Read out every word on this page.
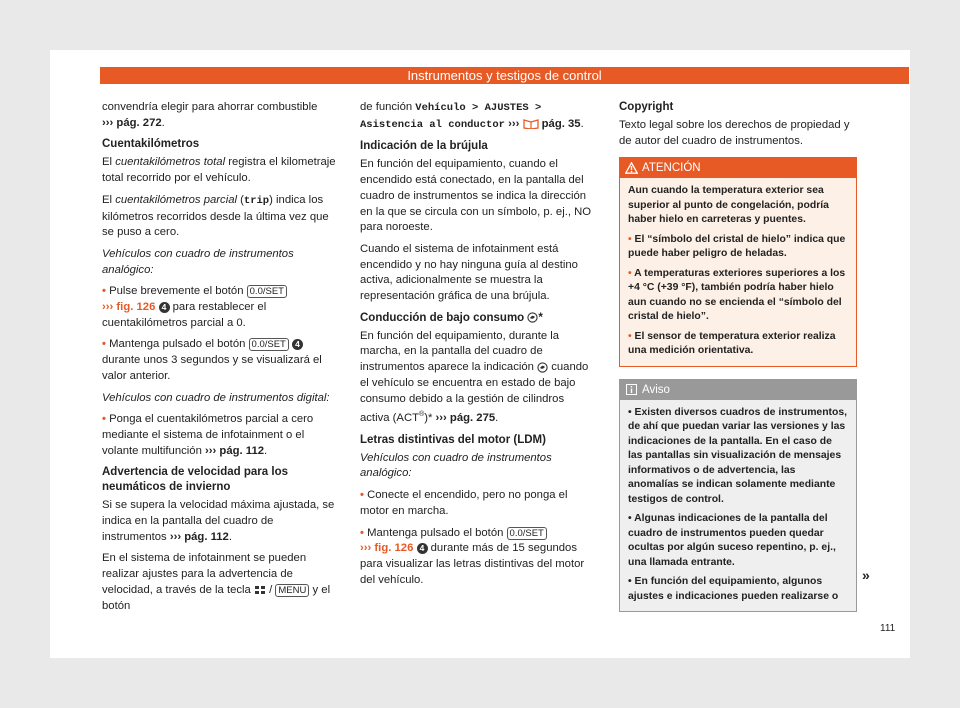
Instrumentos y testigos de control

convendría elegir para ahorrar combustible
››› pág. 272.

Cuentakilómetros

El cuentakilómetros total registra el kilometraje total recorrido por el vehículo.

El cuentakilómetros parcial (trip) indica los kilómetros recorridos desde la última vez que se puso a cero.

Vehículos con cuadro de instrumentos analógico:

• Pulse brevemente el botón 0.0/SET
››› fig. 126 4 para restablecer el cuentakilómetros parcial a 0.

• Mantenga pulsado el botón 0.0/SET 4 durante unos 3 segundos y se visualizará el valor anterior.

Vehículos con cuadro de instrumentos digital:

• Ponga el cuentakilómetros parcial a cero mediante el sistema de infotainment o el volante multifunción ››› pág. 112.

Advertencia de velocidad para los neumáticos de invierno

Si se supera la velocidad máxima ajustada, se indica en la pantalla del cuadro de instrumentos ››› pág. 112.

En el sistema de infotainment se pueden realizar ajustes para la advertencia de velocidad, a través de la tecla  / MENU y el botón

de función Vehículo > AJUSTES > Asistencia al conductor ›››  pág. 35.

Indicación de la brújula

En función del equipamiento, cuando el encendido está conectado, en la pantalla del cuadro de instrumentos se indica la dirección en la que se circula con un símbolo, p. ej., NO para noroeste.

Cuando el sistema de infotainment está encendido y no hay ninguna guía al destino activa, adicionalmente se muestra la representación gráfica de una brújula.

Conducción de bajo consumo *

En función del equipamiento, durante la marcha, en la pantalla del cuadro de instrumentos aparece la indicación  cuando el vehículo se encuentra en estado de bajo consumo debido a la gestión de cilindros activa (ACT®)* ››› pág. 275.

Letras distintivas del motor (LDM)

Vehículos con cuadro de instrumentos analógico:

• Conecte el encendido, pero no ponga el motor en marcha.

• Mantenga pulsado el botón 0.0/SET
››› fig. 126 4 durante más de 15 segundos para visualizar las letras distintivas del motor del vehículo.

Copyright

Texto legal sobre los derechos de propiedad y de autor del cuadro de instrumentos.

ATENCIÓN

Aun cuando la temperatura exterior sea superior al punto de congelación, podría haber hielo en carreteras y puentes.

• El “símbolo del cristal de hielo” indica que puede haber peligro de heladas.

• A temperaturas exteriores superiores a los +4 °C (+39 °F), también podría haber hielo aun cuando no se encienda el “símbolo del cristal de hielo”.

• El sensor de temperatura exterior realiza una medición orientativa.

Aviso

• Existen diversos cuadros de instrumentos, de ahí que puedan variar las versiones y las indicaciones de la pantalla. En el caso de las pantallas sin visualización de mensajes informativos o de advertencia, las anomalías se indican solamente mediante testigos de control.

• Algunas indicaciones de la pantalla del cuadro de instrumentos pueden quedar ocultas por algún suceso repentino, p. ej., una llamada entrante.

• En función del equipamiento, algunos ajustes e indicaciones pueden realizarse o

»
111
